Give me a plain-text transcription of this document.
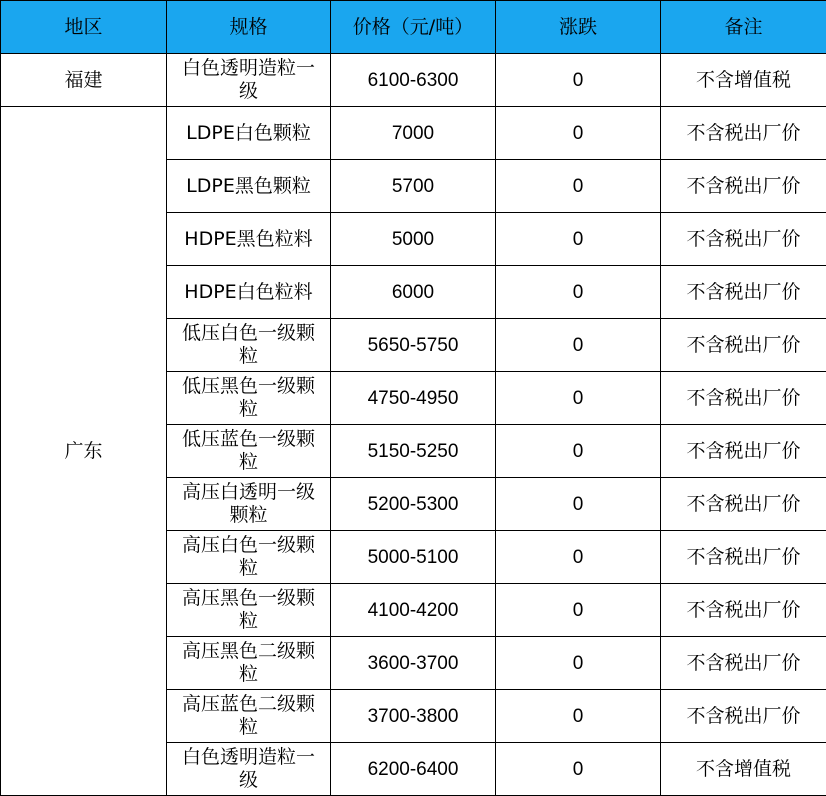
地区	规格	价格（元/吨）	涨跌	备注
福建	白色透明造粒一级	6100-6300	0	不含增值税
广东	LDPE白色颗粒	7000	0	不含税出厂价
	LDPE黑色颗粒	5700	0	不含税出厂价
	HDPE黑色粒料	5000	0	不含税出厂价
	HDPE白色粒料	6000	0	不含税出厂价
	低压白色一级颗粒	5650-5750	0	不含税出厂价
	低压黑色一级颗粒	4750-4950	0	不含税出厂价
	低压蓝色一级颗粒	5150-5250	0	不含税出厂价
	高压白透明一级颗粒	5200-5300	0	不含税出厂价
	高压白色一级颗粒	5000-5100	0	不含税出厂价
	高压黑色一级颗粒	4100-4200	0	不含税出厂价
	高压黑色二级颗粒	3600-3700	0	不含税出厂价
	高压蓝色二级颗粒	3700-3800	0	不含税出厂价
	白色透明造粒一级	6200-6400	0	不含增值税
